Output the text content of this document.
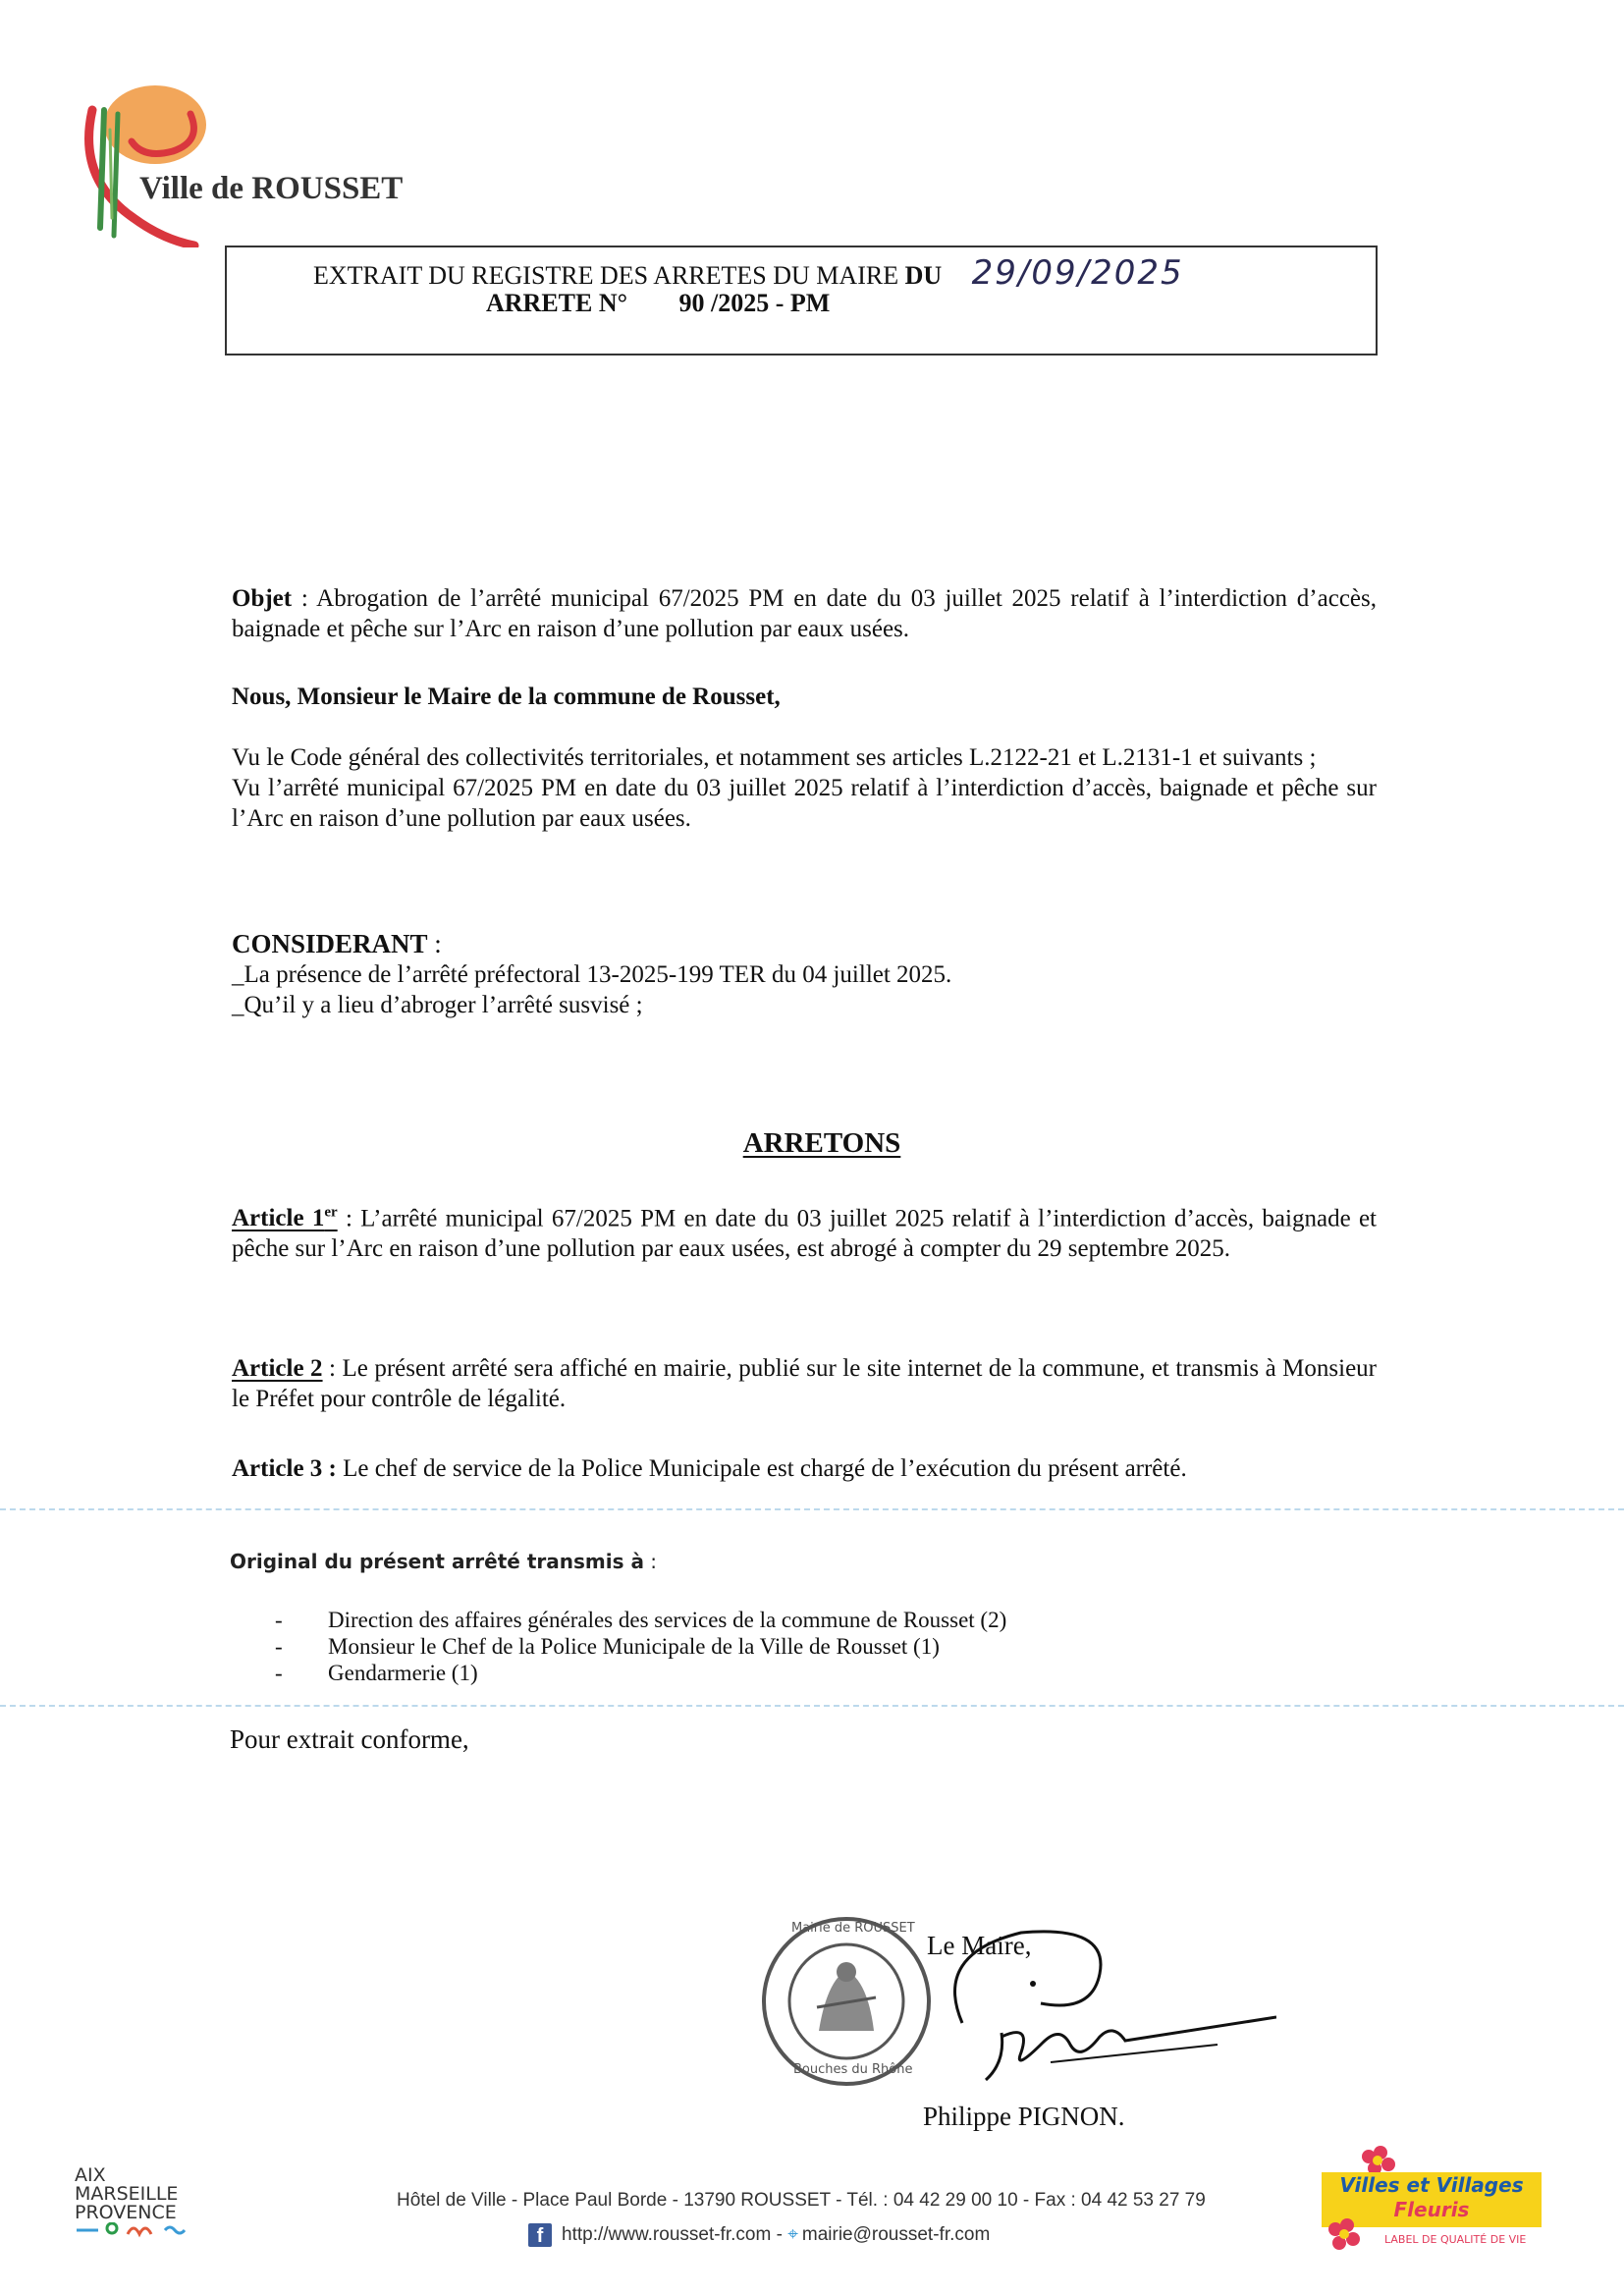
Ville de ROUSSET
EXTRAIT DU REGISTRE DES ARRETES DU MAIRE DU 29/09/2025
ARRETE N° 90 /2025 - PM

Objet : Abrogation de l’arrêté municipal 67/2025 PM en date du 03 juillet 2025 relatif à l’interdiction d’accès, baignade et pêche sur l’Arc en raison d’une pollution par eaux usées.

Nous, Monsieur le Maire de la commune de Rousset,

Vu le Code général des collectivités territoriales, et notamment ses articles L.2122-21 et L.2131-1 et suivants ;

Vu l’arrêté municipal 67/2025 PM en date du 03 juillet 2025 relatif à l’interdiction d’accès, baignade et pêche sur l’Arc en raison d’une pollution par eaux usées.

CONSIDERANT :

_La présence de l’arrêté préfectoral 13-2025-199 TER du 04 juillet 2025.

_Qu’il y a lieu d’abroger l’arrêté susvisé ;

ARRETONS

Article 1er : L’arrêté municipal 67/2025 PM en date du 03 juillet 2025 relatif à l’interdiction d’accès, baignade et pêche sur l’Arc en raison d’une pollution par eaux usées, est abrogé à compter du 29 septembre 2025.

Article 2 : Le présent arrêté sera affiché en mairie, publié sur le site internet de la commune, et transmis à Monsieur le Préfet pour contrôle de légalité.

Article 3 : Le chef de service de la Police Municipale est chargé de l’exécution du présent arrêté.

Original du présent arrêté transmis à :
- Direction des affaires générales des services de la commune de Rousset (2)
- Monsieur le Chef de la Police Municipale de la Ville de Rousset (1)
- Gendarmerie (1)
Pour extrait conforme,
Mairie de ROUSSET
Bouches du Rhône
Le Maire,
Philippe PIGNON.
AIX
MARSEILLE
PROVENCE
Hôtel de Ville - Place Paul Borde - 13790 ROUSSET - Tél. : 04 42 29 00 10 - Fax : 04 42 53 27 79
f http://www.rousset-fr.com - ⌖ mairie@rousset-fr.com
Villes et Villages
Fleuris
LABEL DE QUALITÉ DE VIE
